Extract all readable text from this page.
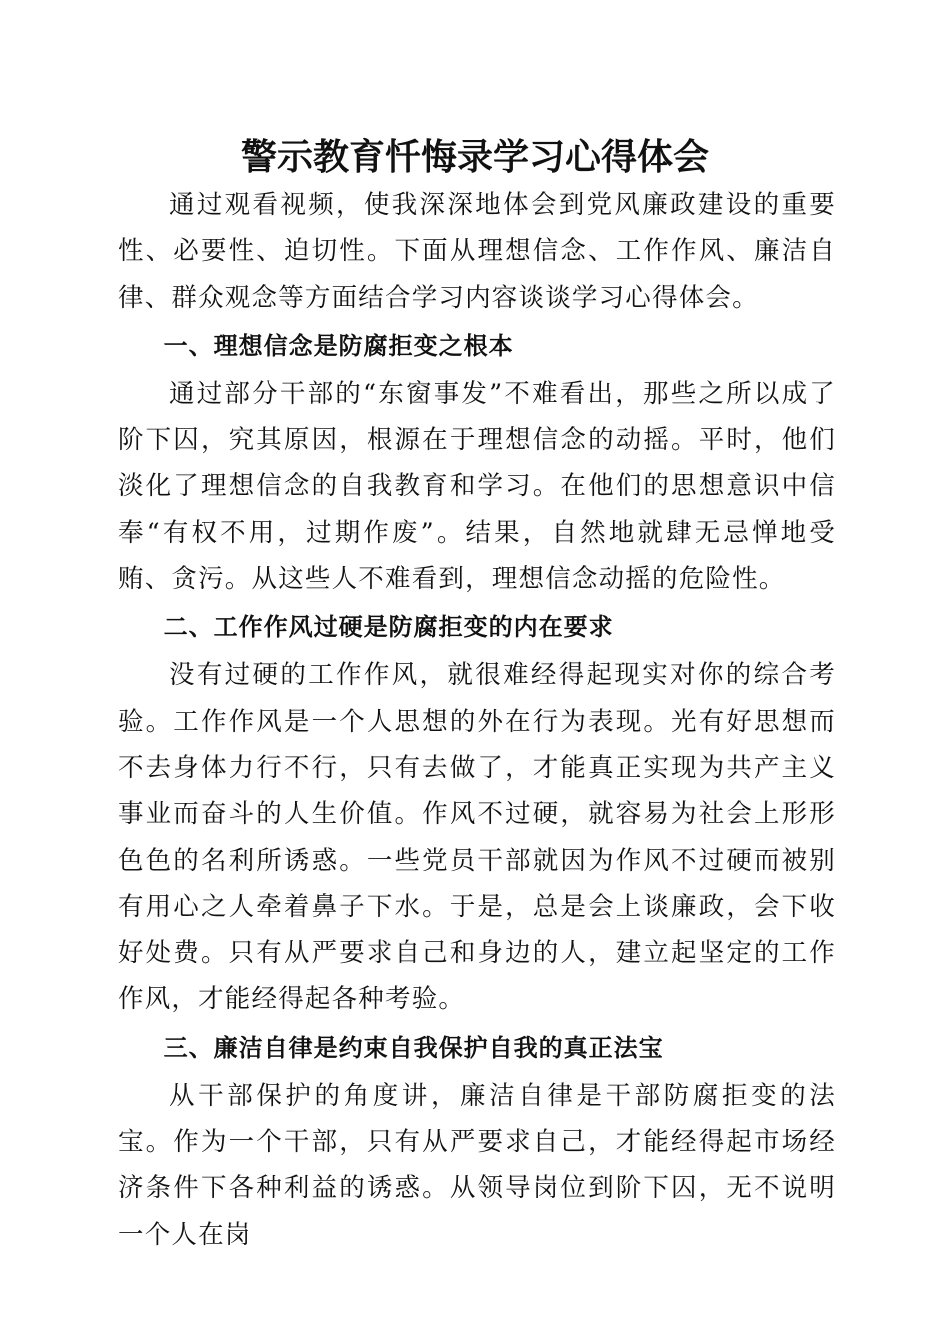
警示教育忏悔录学习心得体会

通过观看视频，使我深深地体会到党风廉政建设的重要性、必要性、迫切性。下面从理想信念、工作作风、廉洁自律、群众观念等方面结合学习内容谈谈学习心得体会。

一、理想信念是防腐拒变之根本

通过部分干部的“东窗事发”不难看出，那些之所以成了阶下囚，究其原因，根源在于理想信念的动摇。平时，他们淡化了理想信念的自我教育和学习。在他们的思想意识中信奉“有权不用，过期作废”。结果，自然地就肆无忌惮地受贿、贪污。从这些人不难看到，理想信念动摇的危险性。

二、工作作风过硬是防腐拒变的内在要求

没有过硬的工作作风，就很难经得起现实对你的综合考验。工作作风是一个人思想的外在行为表现。光有好思想而不去身体力行不行，只有去做了，才能真正实现为共产主义事业而奋斗的人生价值。作风不过硬，就容易为社会上形形色色的名利所诱惑。一些党员干部就因为作风不过硬而被别有用心之人牵着鼻子下水。于是，总是会上谈廉政，会下收好处费。只有从严要求自己和身边的人，建立起坚定的工作作风，才能经得起各种考验。

三、廉洁自律是约束自我保护自我的真正法宝

从干部保护的角度讲，廉洁自律是干部防腐拒变的法宝。作为一个干部，只有从严要求自己，才能经得起市场经济条件下各种利益的诱惑。从领导岗位到阶下囚，无不说明一个人在岗
